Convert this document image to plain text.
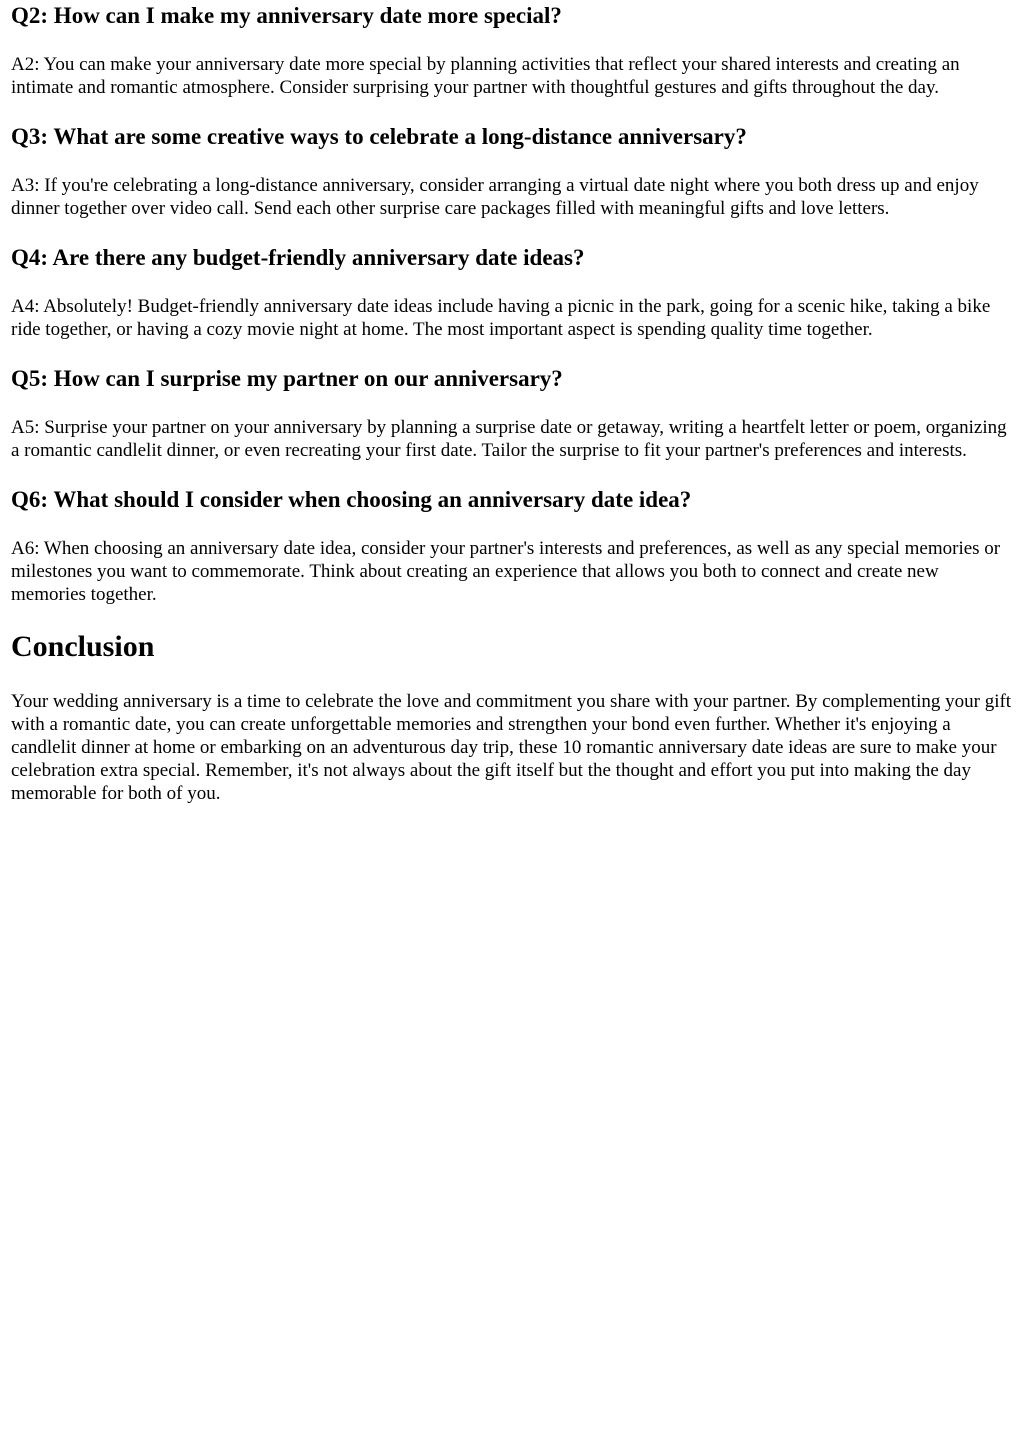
Q2: How can I make my anniversary date more special?

A2: You can make your anniversary date more special by planning activities that reflect your shared interests and creating an intimate and romantic atmosphere. Consider surprising your partner with thoughtful gestures and gifts throughout the day.

Q3: What are some creative ways to celebrate a long-distance anniversary?

A3: If you're celebrating a long-distance anniversary, consider arranging a virtual date night where you both dress up and enjoy dinner together over video call. Send each other surprise care packages filled with meaningful gifts and love letters.

Q4: Are there any budget-friendly anniversary date ideas?

A4: Absolutely! Budget-friendly anniversary date ideas include having a picnic in the park, going for a scenic hike, taking a bike ride together, or having a cozy movie night at home. The most important aspect is spending quality time together.

Q5: How can I surprise my partner on our anniversary?

A5: Surprise your partner on your anniversary by planning a surprise date or getaway, writing a heartfelt letter or poem, organizing a romantic candlelit dinner, or even recreating your first date. Tailor the surprise to fit your partner's preferences and interests.

Q6: What should I consider when choosing an anniversary date idea?

A6: When choosing an anniversary date idea, consider your partner's interests and preferences, as well as any special memories or milestones you want to commemorate. Think about creating an experience that allows you both to connect and create new memories together.

Conclusion

Your wedding anniversary is a time to celebrate the love and commitment you share with your partner. By complementing your gift with a romantic date, you can create unforgettable memories and strengthen your bond even further. Whether it's enjoying a candlelit dinner at home or embarking on an adventurous day trip, these 10 romantic anniversary date ideas are sure to make your celebration extra special. Remember, it's not always about the gift itself but the thought and effort you put into making the day memorable for both of you.
